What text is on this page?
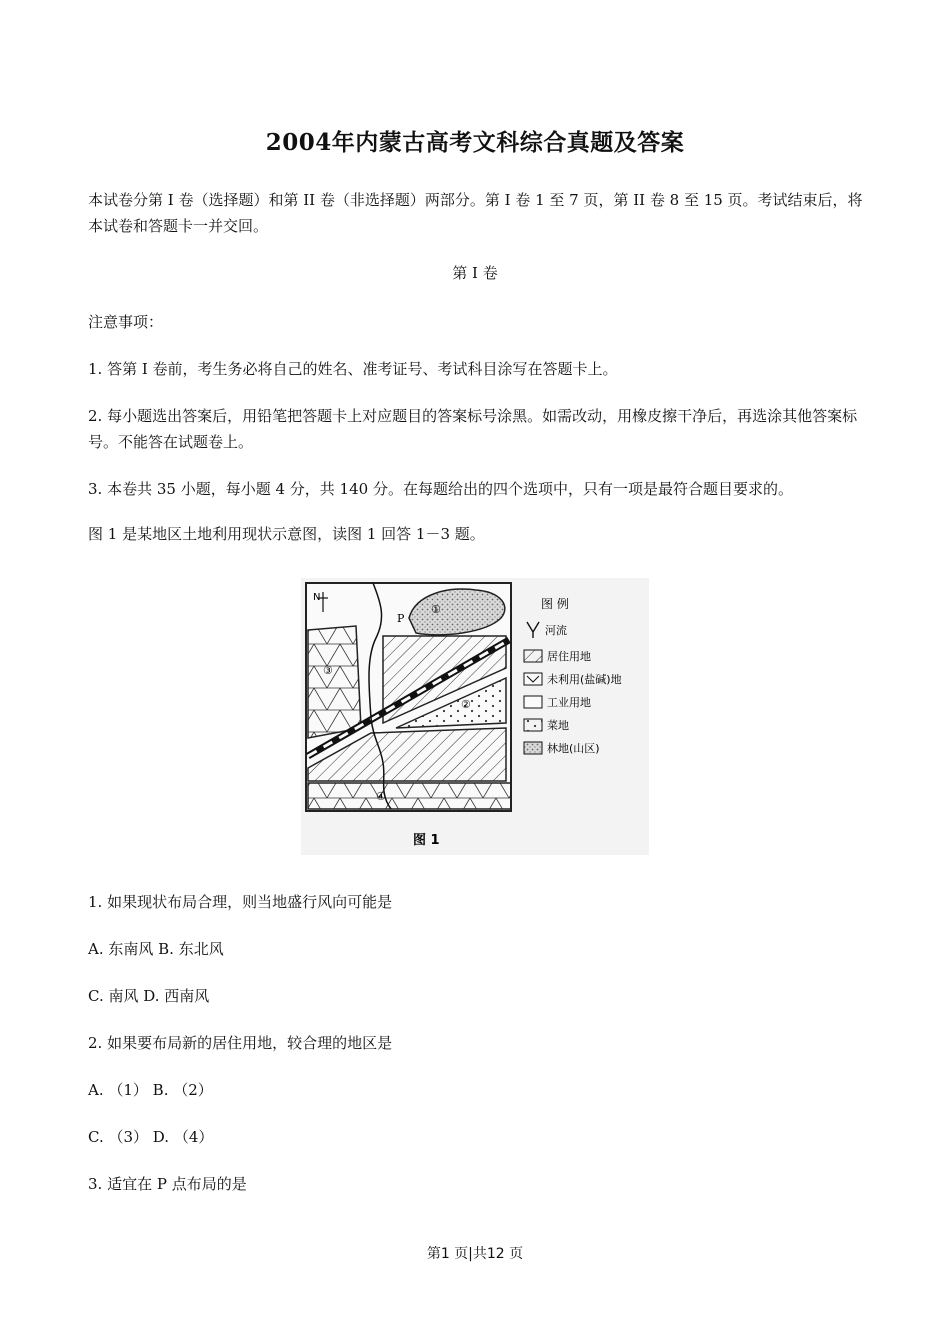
2004年内蒙古高考文科综合真题及答案
本试卷分第 I 卷（选择题）和第 II 卷（非选择题）两部分。第 I 卷 1 至 7 页，第 II 卷 8 至 15 页。考试结束后，将本试卷和答题卡一并交回。
第 I 卷
注意事项：
1. 答第 I 卷前，考生务必将自己的姓名、准考证号、考试科目涂写在答题卡上。
2. 每小题选出答案后，用铅笔把答题卡上对应题目的答案标号涂黑。如需改动，用橡皮擦干净后，再选涂其他答案标号。不能答在试题卷上。
3. 本卷共 35 小题，每小题 4 分，共 140 分。在每题给出的四个选项中，只有一项是最符合题目要求的。
图 1 是某地区土地利用现状示意图，读图 1 回答 1－3 题。
N
P
①
②
③
④
图 例
河流
居住用地
未利用(盐碱)地
工业用地
菜地
林地(山区)
图 1
1. 如果现状布局合理，则当地盛行风向可能是
A. 东南风 B. 东北风
C. 南风 D. 西南风
2. 如果要布局新的居住用地，较合理的地区是
A. （1） B. （2）
C. （3） D. （4）
3. 适宜在 P 点布局的是
第1 页|共12 页
